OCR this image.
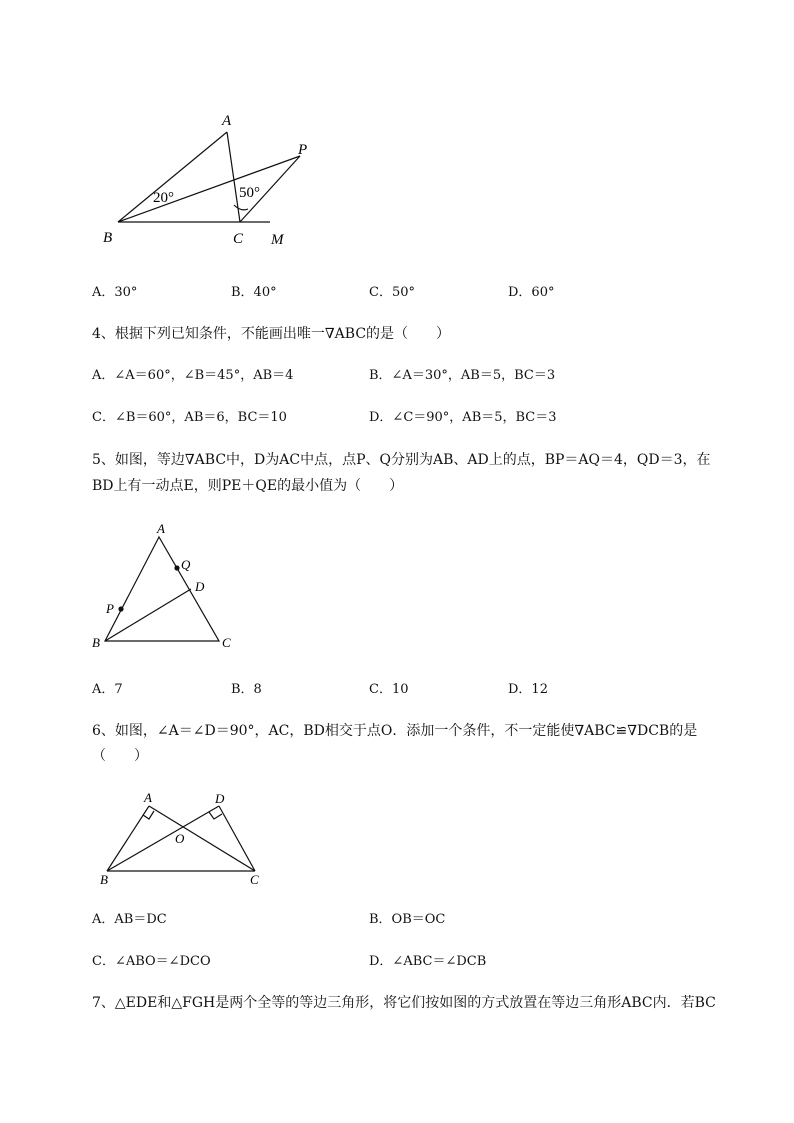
A
P
B	C M
20°	50°
A．30°	B．40°	C．50°	D．60°
4、根据下列已知条件，不能画出唯一∇ABC的是（　　）
A．∠A＝60°，∠B＝45°，AB＝4	B．∠A＝30°，AB＝5，BC＝3
C．∠B＝60°，AB＝6，BC＝10	D．∠C＝90°，AB＝5，BC＝3
5、如图，等边∇ABC中，D为AC中点，点P、Q分别为AB、AD上的点，BP＝AQ＝4，QD＝3，在
BD上有一动点E，则PE＋QE的最小值为（　　）
A
Q
D
P
B	C
A．7	B．8	C．10	D．12
6、如图，∠A＝∠D＝90°，AC，BD相交于点O．添加一个条件，不一定能使∇ABC≌∇DCB的是
（　　）
A	D
O
B	C
A．AB＝DC	B．OB＝OC
C．∠ABO＝∠DCO	D．∠ABC＝∠DCB
7、△EDE和△FGH是两个全等的等边三角形，将它们按如图的方式放置在等边三角形ABC内．若BC
